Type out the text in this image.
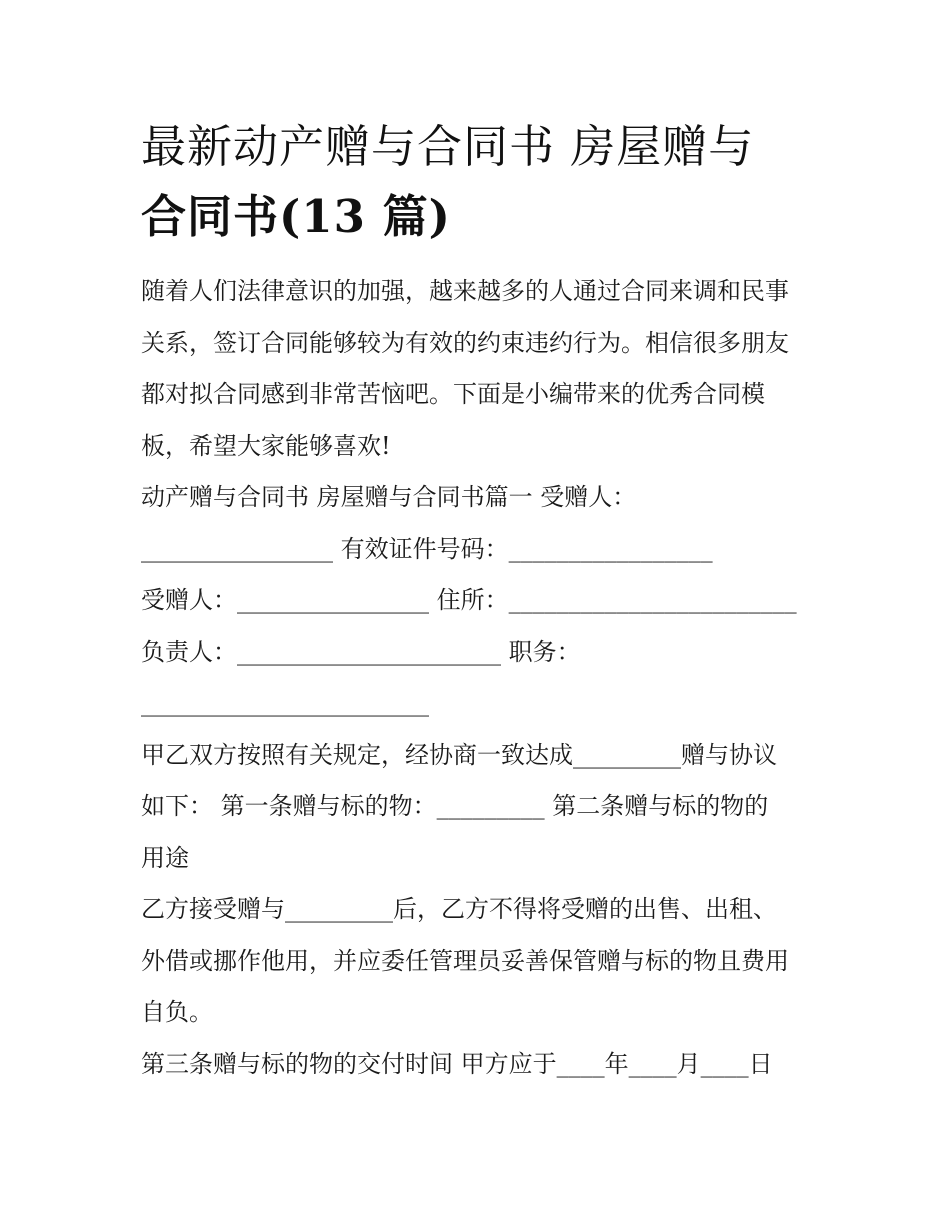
最新动产赠与合同书 房屋赠与
合同书(13 篇)
随着人们法律意识的加强，越来越多的人通过合同来调和民事
关系，签订合同能够较为有效的约束违约行为。相信很多朋友
都对拟合同感到非常苦恼吧。下面是小编带来的优秀合同模
板，希望大家能够喜欢!
动产赠与合同书 房屋赠与合同书篇一 受赠人：
________________ 有效证件号码：_________________
受赠人：________________ 住所：________________________
负责人：______________________ 职务：
________________________
甲乙双方按照有关规定，经协商一致达成_________赠与协议
如下： 第一条赠与标的物：_________ 第二条赠与标的物的
用途
乙方接受赠与_________后，乙方不得将受赠的出售、出租、
外借或挪作他用，并应委任管理员妥善保管赠与标的物且费用
自负。
第三条赠与标的物的交付时间 甲方应于____年____月____日
